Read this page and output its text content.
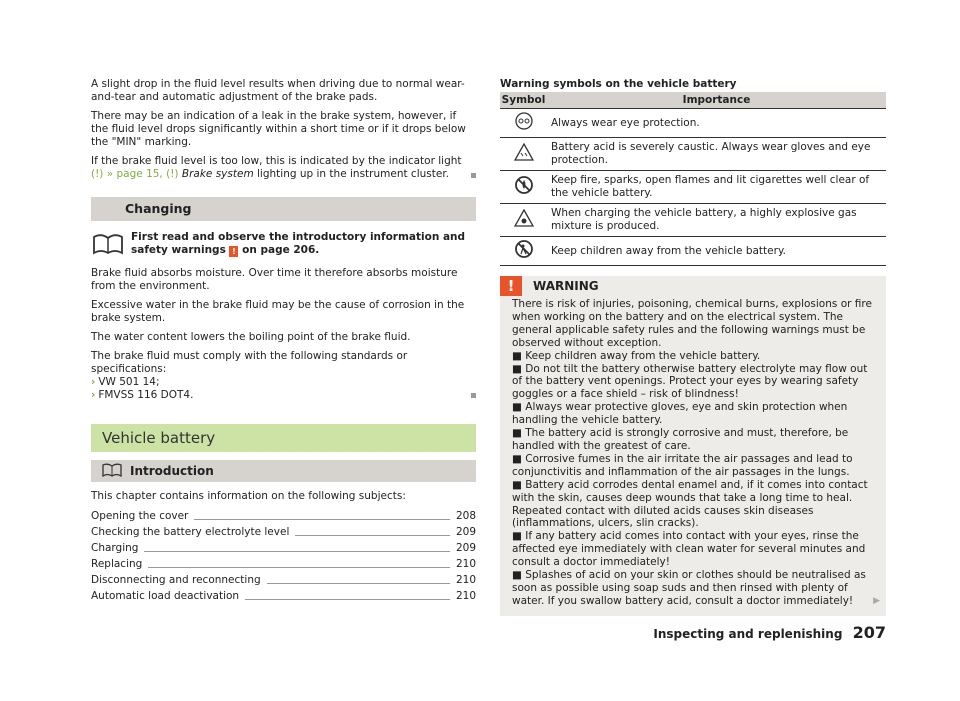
A slight drop in the fluid level results when driving due to normal wear-and-tear and automatic adjustment of the brake pads.

There may be an indication of a leak in the brake system, however, if the fluid level drops significantly within a short time or if it drops below the "MIN" marking.

If the brake fluid level is too low, this is indicated by the indicator light
(!) » page 15, (!) Brake system lighting up in the instrument cluster.
Changing
First read and observe the introductory information and safety warnings ! on page 206.

Brake fluid absorbs moisture. Over time it therefore absorbs moisture from the environment.

Excessive water in the brake fluid may be the cause of corrosion in the brake system.

The water content lowers the boiling point of the brake fluid.

The brake fluid must comply with the following standards or specifications:
› VW 501 14;
› FMVSS 116 DOT4.
Vehicle battery
Introduction

This chapter contains information on the following subjects:

Opening the cover	208
Checking the battery electrolyte level	209
Charging	209
Replacing	210
Disconnecting and reconnecting	210
Automatic load deactivation	210
Warning symbols on the vehicle battery
Symbol	Importance
	Always wear eye protection.
	Battery acid is severely caustic. Always wear gloves and eye protection.
	Keep fire, sparks, open flames and lit cigarettes well clear of the vehicle battery.
	When charging the vehicle battery, a highly explosive gas mixture is produced.
	Keep children away from the vehicle battery.
!	WARNING
There is risk of injuries, poisoning, chemical burns, explosions or fire when working on the battery and on the electrical system. The general applicable safety rules and the following warnings must be observed without exception.
■ Keep children away from the vehicle battery.
■ Do not tilt the battery otherwise battery electrolyte may flow out of the battery vent openings. Protect your eyes by wearing safety goggles or a face shield – risk of blindness!
■ Always wear protective gloves, eye and skin protection when handling the vehicle battery.
■ The battery acid is strongly corrosive and must, therefore, be handled with the greatest of care.
■ Corrosive fumes in the air irritate the air passages and lead to conjunctivitis and inflammation of the air passages in the lungs.
■ Battery acid corrodes dental enamel and, if it comes into contact with the skin, causes deep wounds that take a long time to heal. Repeated contact with diluted acids causes skin diseases (inflammations, ulcers, slin cracks).
■ If any battery acid comes into contact with your eyes, rinse the affected eye immediately with clean water for several minutes and consult a doctor immediately!
■ Splashes of acid on your skin or clothes should be neutralised as soon as possible using soap suds and then rinsed with plenty of water. If you swallow battery acid, consult a doctor immediately!	▶
Inspecting and replenishing 207
